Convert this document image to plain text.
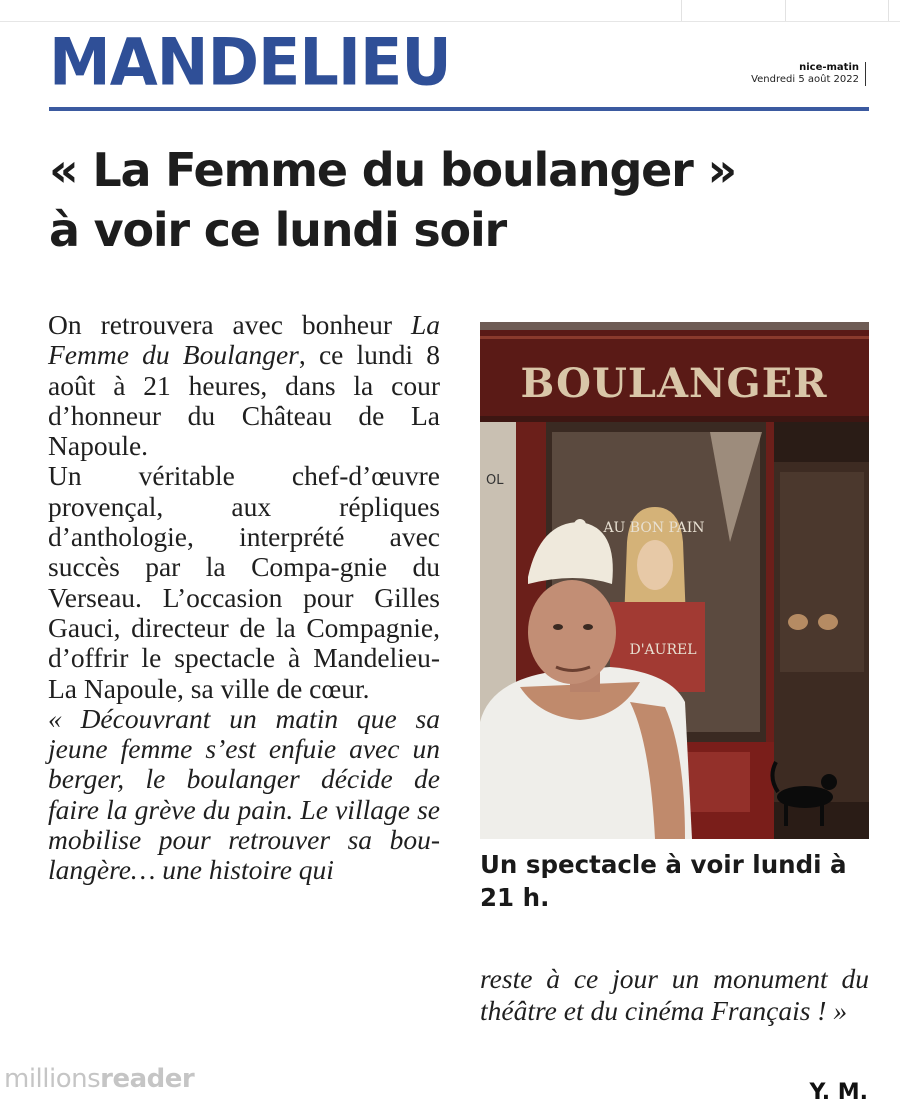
MANDELIEU	nice-matin
Vendredi 5 août 2022
« La Femme du boulanger »
à voir ce lundi soir

On retrouvera avec bonheur La Femme du Boulanger, ce lundi 8 août à 21 heures, dans la cour d’honneur du Château de La Napoule.

Un véritable chef-d’œuvre provençal, aux répliques d’anthologie, interprété avec succès par la Compa-gnie du Verseau. L’occasion pour Gilles Gauci, directeur de la Compagnie, d’offrir le spectacle à Mandelieu-La Napoule, sa ville de cœur.

« Découvrant un matin que sa jeune femme s’est enfuie avec un berger, le boulanger décide de faire la grève du pain. Le village se mobilise pour retrouver sa bou-langère… une histoire qui

BOULANGER
OL
AU BON PAIN
D'AUREL
Un spectacle à voir lundi à 21 h.
reste à ce jour un monument du théâtre et du cinéma Français ! »
Y. M.
millionsreader
